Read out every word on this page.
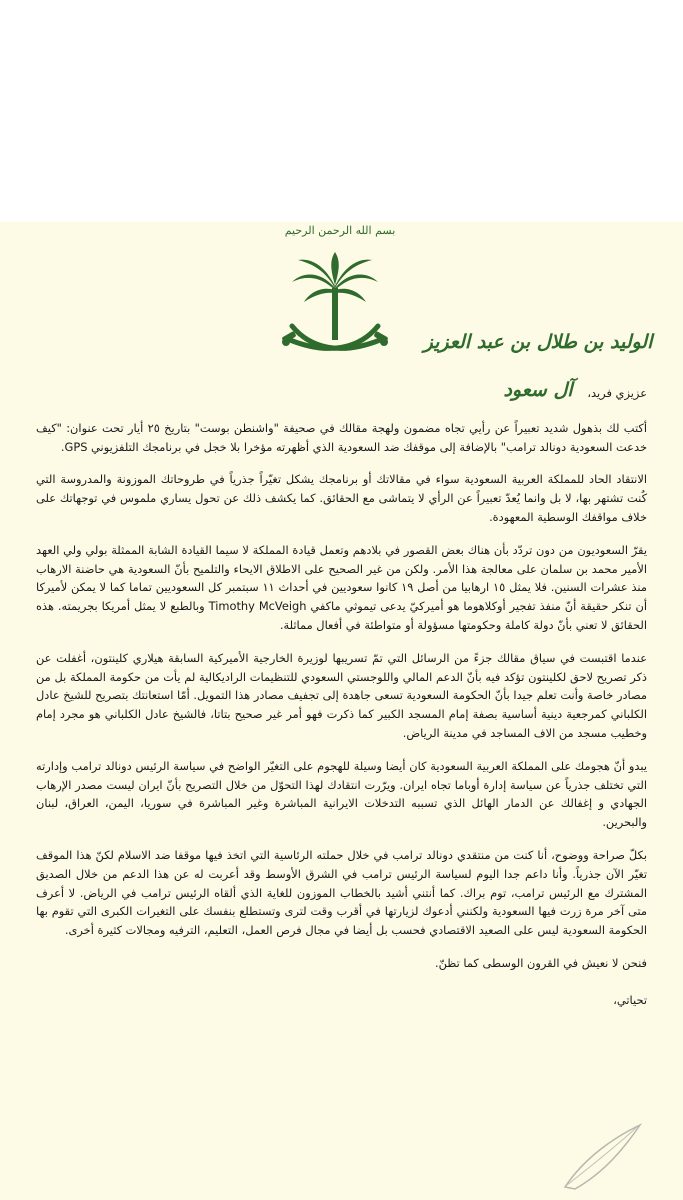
بسم الله الرحمن الرحيم
الوليد بن طلال بن عبد العزيز آل سعود	عزيزي فريد،

أكتب لك بذهول شديد تعبيراً عن رأيي تجاه مضمون ولهجة مقالك في صحيفة "واشنطن بوست" بتاريخ ٢٥ أيار تحت عنوان: "كيف خدعت السعودية دونالد ترامب" بالإضافة إلى موقفك ضد السعودية الذي أظهرته مؤخرا بلا خجل في برنامجك التلفزيوني GPS.

الانتقاد الحاد للمملكة العربية السعودية سواء في مقالاتك أو برنامجك يشكل تغيّراً جذرياً في طروحاتك الموزونة والمدروسة التي كُنت تشتهر بها، لا بل وانما يُعدّ تعبيراً عن الرأي لا يتماشى مع الحقائق. كما يكشف ذلك عن تحول يساري ملموس في توجهاتك على خلاف مواقفك الوسطية المعهودة.

يقرّ السعوديون من دون تردّد بأن هناك بعض القصور في بلادهم وتعمل قيادة المملكة لا سيما القيادة الشابة الممثلة بولي ولي العهد الأمير محمد بن سلمان على معالجة هذا الأمر. ولكن من غير الصحيح على الاطلاق الايحاء والتلميح بأنّ السعودية هي حاضنة الارهاب منذ عشرات السنين. فلا يمثل ١٥ ارهابيا من أصل ١٩ كانوا سعوديين في أحداث ١١ سبتمبر كل السعوديين تماما كما لا يمكن لأميركا أن تنكر حقيقة أنّ منفذ تفجير أوكلاهوما هو أميركيّ يدعى تيموثي ماكفي Timothy McVeigh وبالطبع لا يمثل أمريكا بجريمته. هذه الحقائق لا تعني بأنّ دولة كاملة وحكومتها مسؤولة أو متواطئة في أفعال مماثلة.

عندما اقتبست في سياق مقالك جزءً من الرسائل التي تمّ تسريبها لوزيرة الخارجية الأميركية السابقة هيلاري كلينتون، أغفلت عن ذكر تصريح لاحق لكلينتون تؤكد فيه بأنّ الدعم المالي واللوجستي السعودي للتنظيمات الراديكالية لم يأت من حكومة المملكة بل من مصادر خاصة وأنت تعلم جيدا بأنّ الحكومة السعودية تسعى جاهدة إلى تجفيف مصادر هذا التمويل. أمّا استعانتك بتصريح للشيخ عادل الكلباني كمرجعية دينية أساسية بصفة إمام المسجد الكبير كما ذكرت فهو أمر غير صحيح بتاتا، فالشيخ عادل الكلباني هو مجرد إمام وخطيب مسجد من الاف المساجد في مدينة الرياض.

يبدو أنّ هجومك على المملكة العربية السعودية كان أيضا وسيلة للهجوم على التغيّر الواضح في سياسة الرئيس دونالد ترامب وإدارته التي تختلف جذرياً عن سياسة إدارة أوباما تجاه ايران. ويرّرت انتقادك لهذا التحوّل من خلال التصريح بأنّ ايران ليست مصدر الإرهاب الجهادي و إغفالك عن الدمار الهائل الذي تسببه التدخلات الايرانية المباشرة وغير المباشرة في سوريا، اليمن، العراق، لبنان والبحرين.

بكلّ صراحة ووضوح، أنا كنت من منتقدي دونالد ترامب في خلال حملته الرئاسية التي اتخذ فيها موقفا ضد الاسلام لكنّ هذا الموقف تغيّر الآن جذرياً. وأنا داعم جدا اليوم لسياسة الرئيس ترامب في الشرق الأوسط وقد أعربت له عن هذا الدعم من خلال الصديق المشترك مع الرئيس ترامب، توم براك. كما أنتني أشيد بالخطاب الموزون للغاية الذي ألقاه الرئيس ترامب في الرياض. لا أعرف متى آخر مرة زرت فيها السعودية ولكنني أدعوك لزيارتها في أقرب وقت لترى وتستطلع بنفسك على التغيرات الكبرى التي تقوم بها الحكومة السعودية ليس على الصعيد الاقتصادي فحسب بل أيضا في مجال فرص العمل، التعليم، الترفيه ومجالات كثيرة أخرى.

فنحن لا نعيش في القرون الوسطى كما تظنّ.

تحياتي،
